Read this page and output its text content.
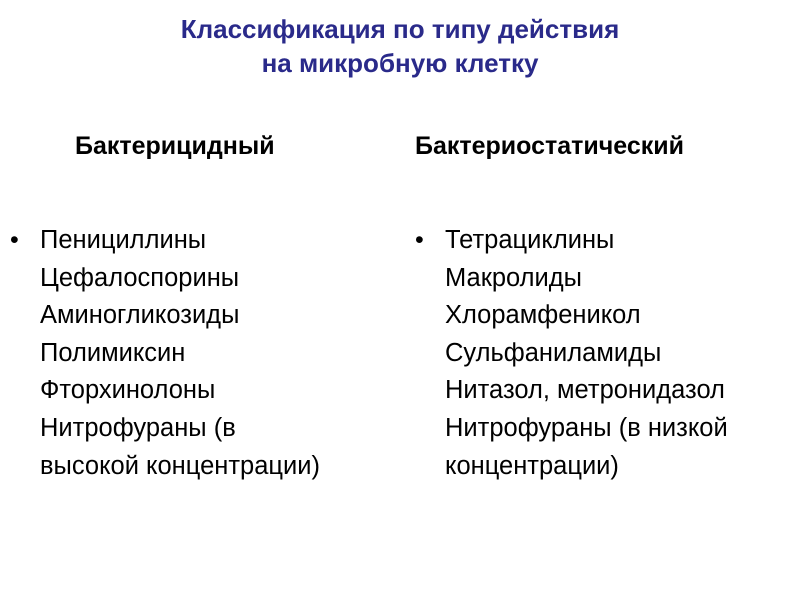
Классификация по типу действия
на микробную клетку
Бактерицидный	Бактериостатический
• Пенициллины
Цефалоспорины
Аминогликозиды
Полимиксин
Фторхинолоны
Нитрофураны (в
высокой концентрации)
• Тетрациклины
Макролиды
Хлорамфеникол
Сульфаниламиды
Нитазол, метронидазол
Нитрофураны (в низкой
концентрации)
